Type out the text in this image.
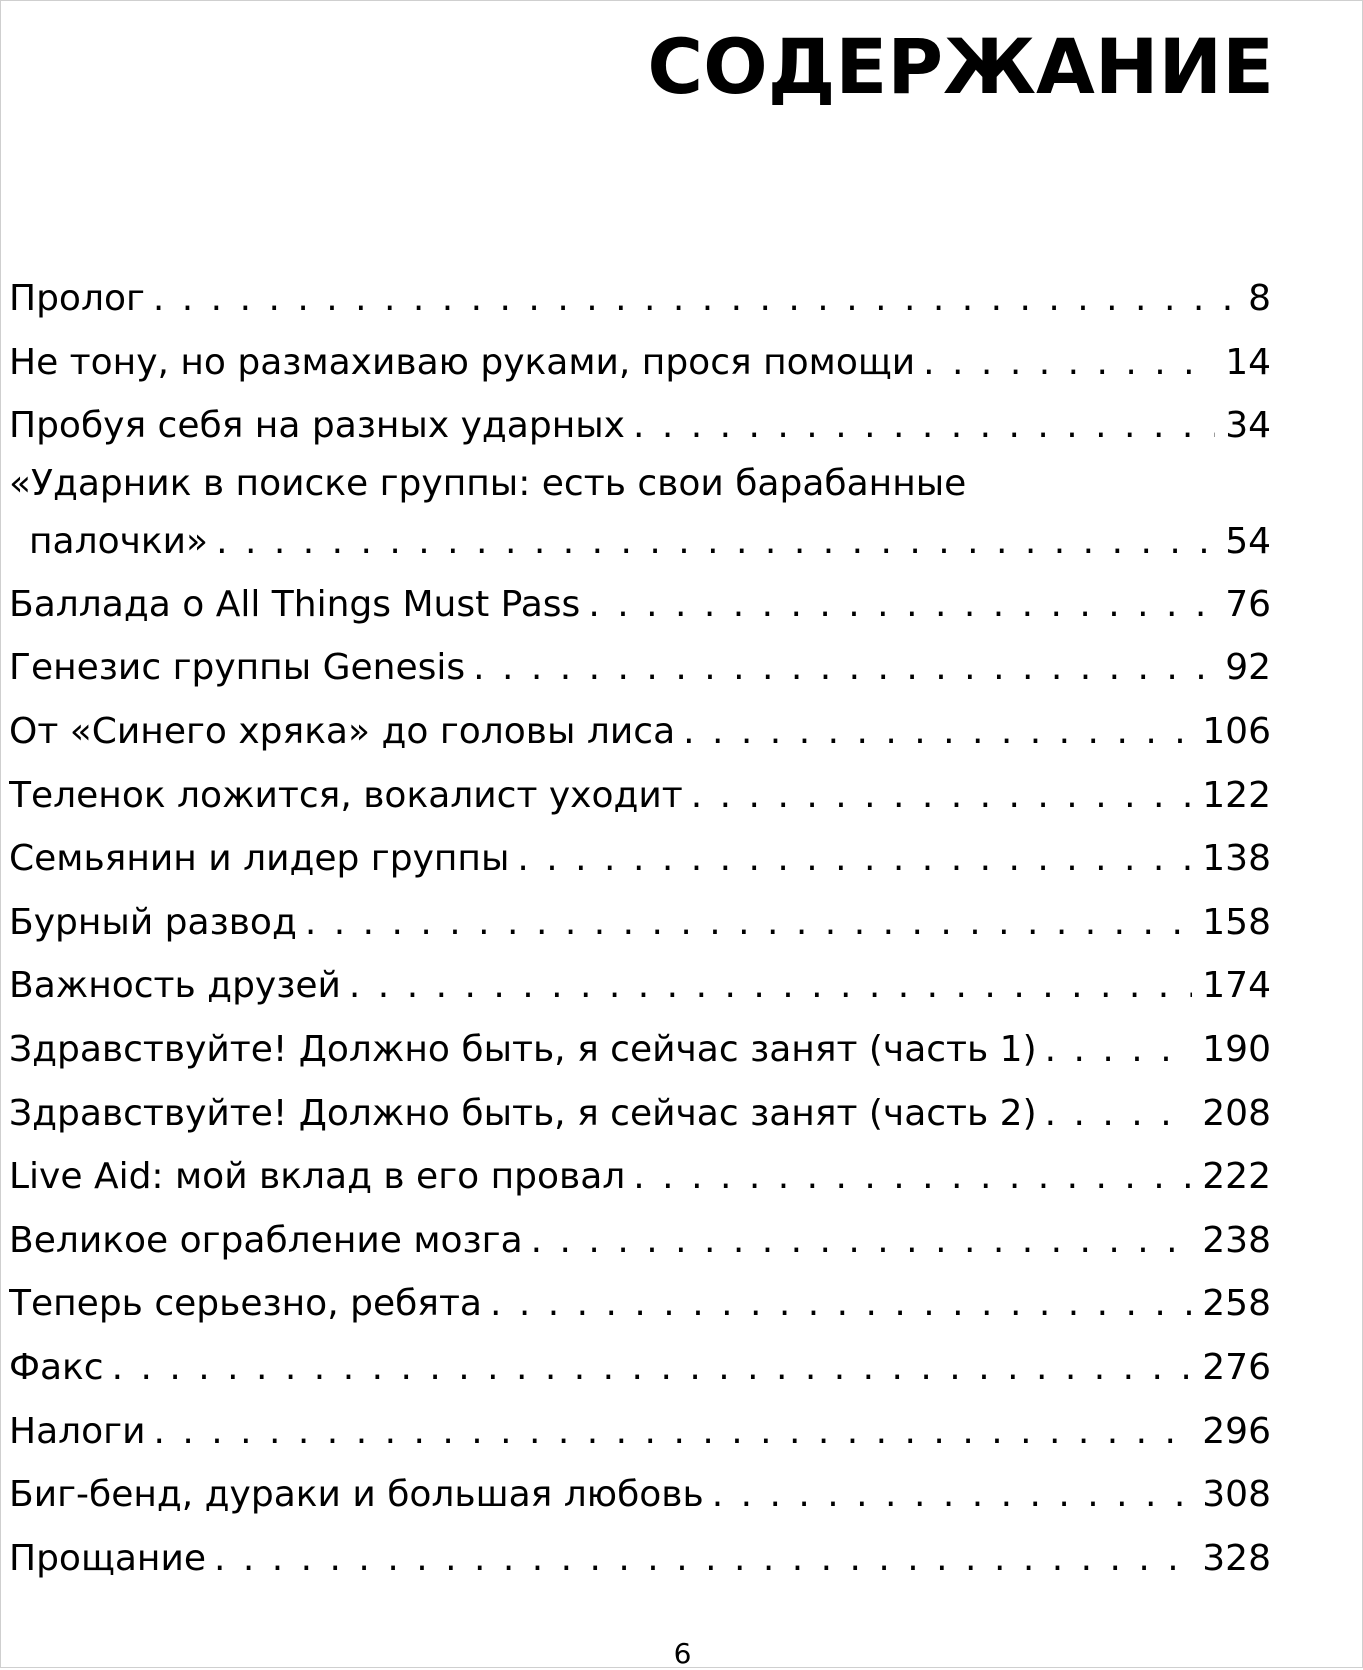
СОДЕРЖАНИЕ
Пролог . . .	8
Не тону, но размахиваю руками, прося помощи . . .	14
Пробуя себя на разных ударных . . .	34
«Ударник в поиске группы: есть свои барабанные
палочки» . . .	54
Баллада о All Things Must Pass . . .	76
Генезис группы Genesis . . .	92
От «Синего хряка» до головы лиса . . .	106
Теленок ложится, вокалист уходит . . .	122
Семьянин и лидер группы . . .	138
Бурный развод . . .	158
Важность друзей . . .	174
Здравствуйте! Должно быть, я сейчас занят (часть 1) . . .	190
Здравствуйте! Должно быть, я сейчас занят (часть 2) . . .	208
Live Aid: мой вклад в его провал . . .	222
Великое ограбление мозга . . .	238
Теперь серьезно, ребята . . .	258
Факс . . .	276
Налоги . . .	296
Биг-бенд, дураки и большая любовь . . .	308
Прощание . . .	328
6
